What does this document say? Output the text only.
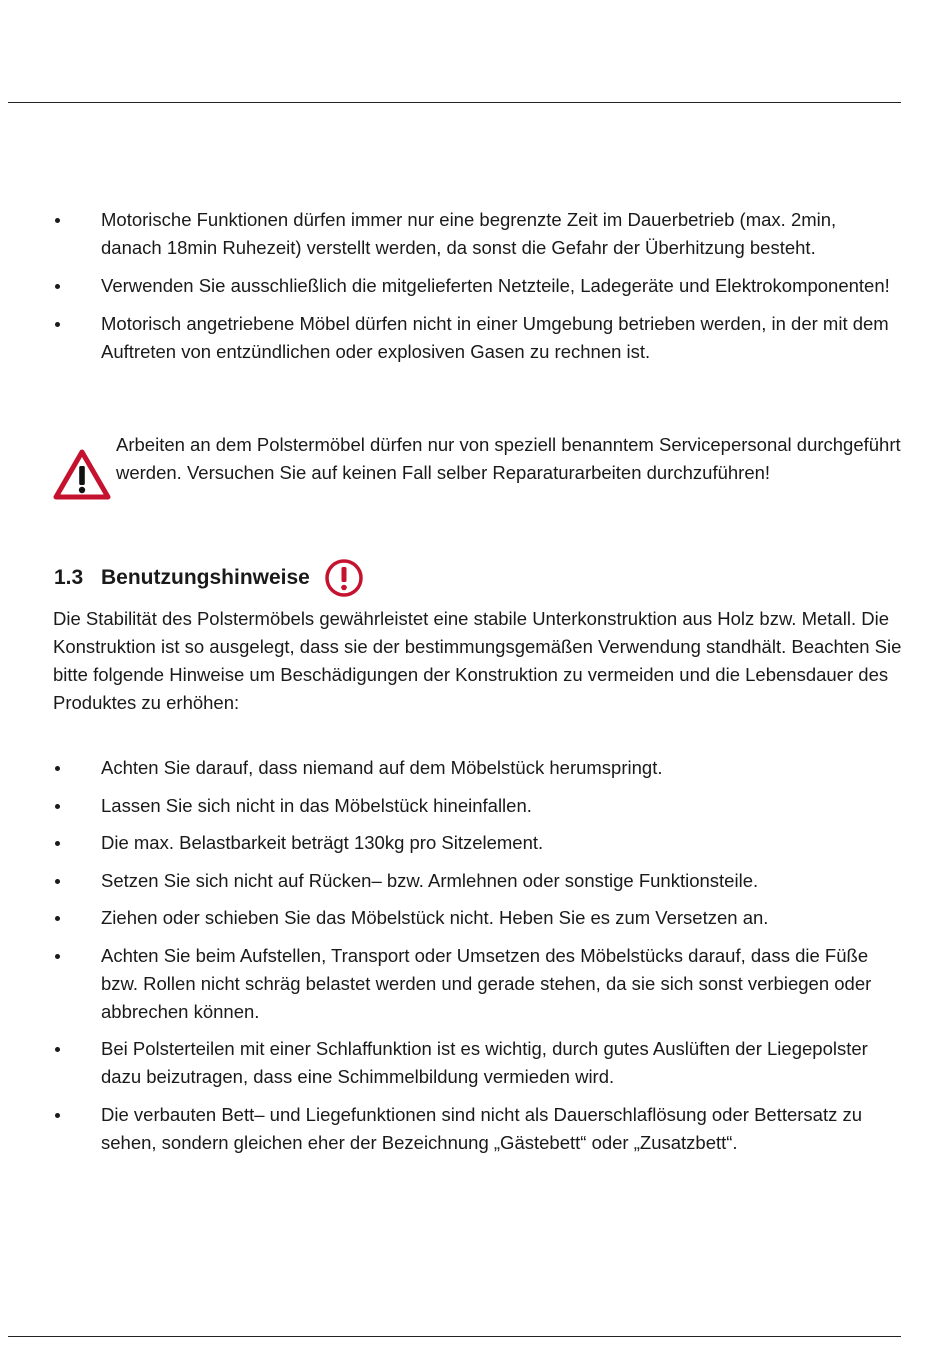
Motorische Funktionen dürfen immer nur eine begrenzte Zeit im Dauerbetrieb (max. 2min, danach 18min Ruhezeit) verstellt werden, da sonst die Gefahr der Überhitzung besteht.
Verwenden Sie ausschließlich die mitgelieferten Netzteile, Ladegeräte und Elektrokomponenten!
Motorisch angetriebene Möbel dürfen nicht in einer Umgebung betrieben werden, in der mit dem Auftreten von entzündlichen oder explosiven Gasen zu rechnen ist.

Arbeiten an dem Polstermöbel dürfen nur von speziell benanntem Servicepersonal durchgeführt werden. Versuchen Sie auf keinen Fall selber Reparaturarbeiten durchzuführen!

1.3 Benutzungshinweise

Die Stabilität des Polstermöbels gewährleistet eine stabile Unterkonstruktion aus Holz bzw. Metall. Die Konstruktion ist so ausgelegt, dass sie der bestimmungsgemäßen Verwendung standhält. Beachten Sie bitte folgende Hinweise um Beschädigungen der Konstruktion zu vermeiden und die Lebensdauer des Produktes zu erhöhen:

Achten Sie darauf, dass niemand auf dem Möbelstück herumspringt.
Lassen Sie sich nicht in das Möbelstück hineinfallen.
Die max. Belastbarkeit beträgt 130kg pro Sitzelement.
Setzen Sie sich nicht auf Rücken– bzw. Armlehnen oder sonstige Funktionsteile.
Ziehen oder schieben Sie das Möbelstück nicht. Heben Sie es zum Versetzen an.
Achten Sie beim Aufstellen, Transport oder Umsetzen des Möbelstücks darauf, dass die Füße bzw. Rollen nicht schräg belastet werden und gerade stehen, da sie sich sonst verbiegen oder abbrechen können.
Bei Polsterteilen mit einer Schlaffunktion ist es wichtig, durch gutes Auslüften der Liegepolster dazu beizutragen, dass eine Schimmelbildung vermieden wird.
Die verbauten Bett– und Liegefunktionen sind nicht als Dauerschlaflösung oder Bettersatz zu sehen, sondern gleichen eher der Bezeichnung „Gästebett“ oder „Zusatzbett“.
